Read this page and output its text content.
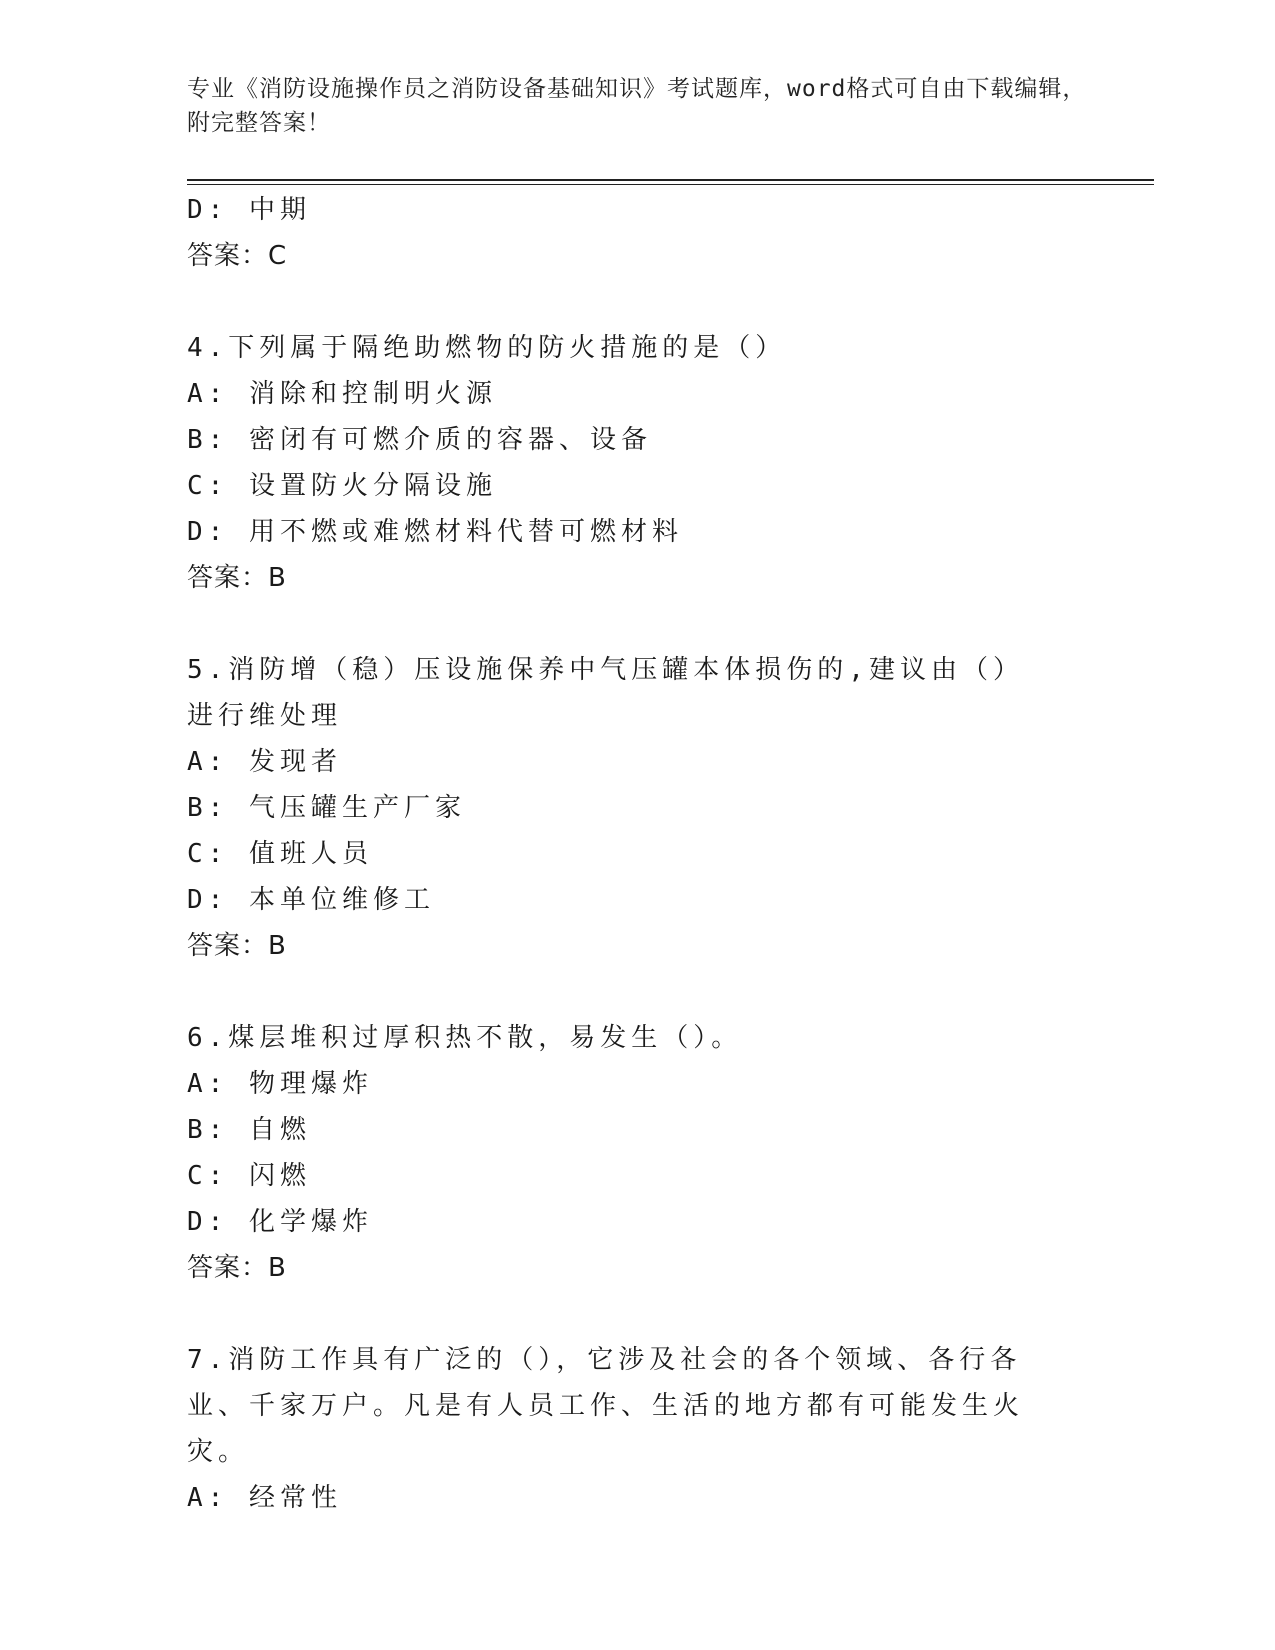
专业《消防设施操作员之消防设备基础知识》考试题库，word格式可自由下载编辑，附完整答案！
D: 中期
答案：C
4.下列属于隔绝助燃物的防火措施的是（）
A: 消除和控制明火源
B: 密闭有可燃介质的容器、设备
C: 设置防火分隔设施
D: 用不燃或难燃材料代替可燃材料
答案：B
5.消防增（稳）压设施保养中气压罐本体损伤的,建议由（）进行维处理
A: 发现者
B: 气压罐生产厂家
C: 值班人员
D: 本单位维修工
答案：B
6.煤层堆积过厚积热不散，易发生（）。
A: 物理爆炸
B: 自燃
C: 闪燃
D: 化学爆炸
答案：B
7.消防工作具有广泛的（），它涉及社会的各个领域、各行各业、千家万户。凡是有人员工作、生活的地方都有可能发生火灾。
A: 经常性
